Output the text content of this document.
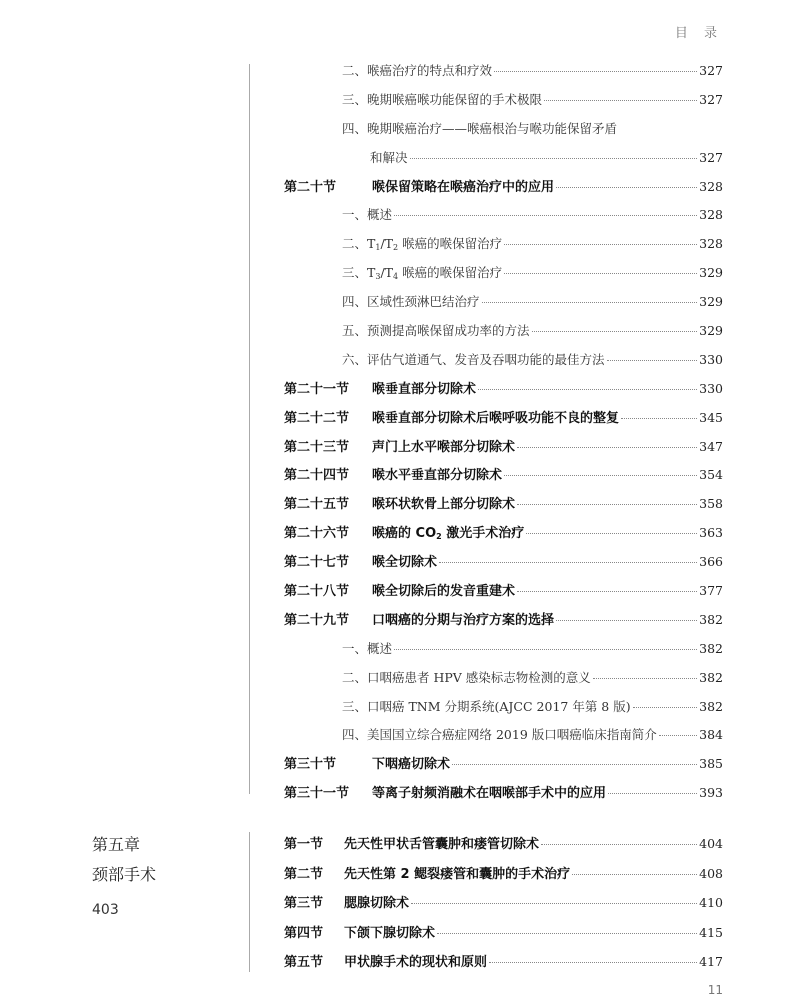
目 录
二、喉癌治疗的特点和疗效	327
三、晚期喉癌喉功能保留的手术极限	327
四、晚期喉癌治疗——喉癌根治与喉功能保留矛盾
和解决	327
第二十节	喉保留策略在喉癌治疗中的应用	328
一、概述	328
二、$T_1/T_2$ 喉癌的喉保留治疗	328
三、$T_3/T_4$ 喉癌的喉保留治疗	329
四、区域性颈淋巴结治疗	329
五、预测提高喉保留成功率的方法	329
六、评估气道通气、发音及吞咽功能的最佳方法	330
第二十一节	喉垂直部分切除术	330
第二十二节	喉垂直部分切除术后喉呼吸功能不良的整复	345
第二十三节	声门上水平喉部分切除术	347
第二十四节	喉水平垂直部分切除术	354
第二十五节	喉环状软骨上部分切除术	358
第二十六节	喉癌的 $CO_2$ 激光手术治疗	363
第二十七节	喉全切除术	366
第二十八节	喉全切除后的发音重建术	377
第二十九节	口咽癌的分期与治疗方案的选择	382
一、概述	382
二、口咽癌患者 HPV 感染标志物检测的意义	382
三、口咽癌 TNM 分期系统(AJCC 2017 年第 8 版)	382
四、美国国立综合癌症网络 2019 版口咽癌临床指南简介	384
第三十节	下咽癌切除术	385
第三十一节	等离子射频消融术在咽喉部手术中的应用	393
第五章
颈部手术
403
第一节	先天性甲状舌管囊肿和瘘管切除术	404
第二节	先天性第 2 鳃裂瘘管和囊肿的手术治疗	408
第三节	腮腺切除术	410
第四节	下颌下腺切除术	415
第五节	甲状腺手术的现状和原则	417
11
